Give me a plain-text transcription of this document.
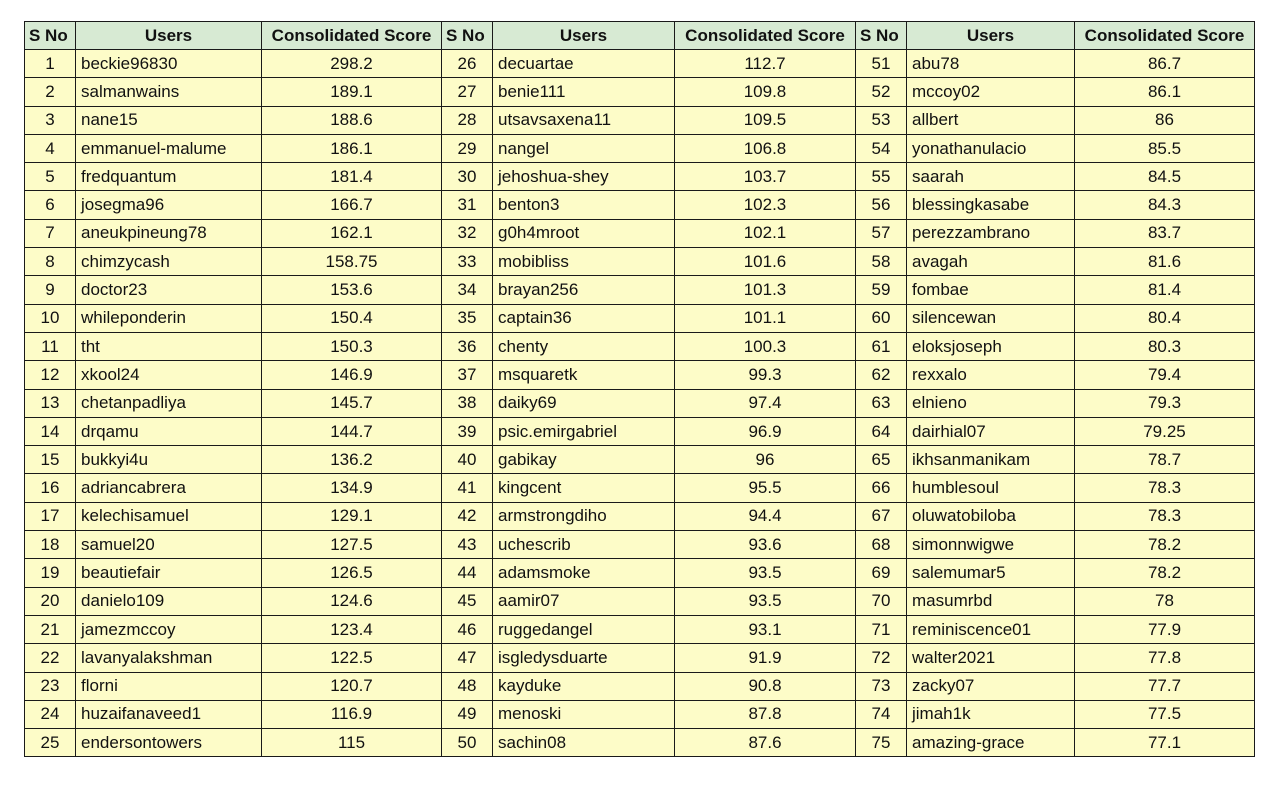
S No	Users	Consolidated Score	S No	Users	Consolidated Score	S No	Users	Consolidated Score
1	beckie96830	298.2	26	decuartae	112.7	51	abu78	86.7
2	salmanwains	189.1	27	benie111	109.8	52	mccoy02	86.1
3	nane15	188.6	28	utsavsaxena11	109.5	53	allbert	86
4	emmanuel-malume	186.1	29	nangel	106.8	54	yonathanulacio	85.5
5	fredquantum	181.4	30	jehoshua-shey	103.7	55	saarah	84.5
6	josegma96	166.7	31	benton3	102.3	56	blessingkasabe	84.3
7	aneukpineung78	162.1	32	g0h4mroot	102.1	57	perezzambrano	83.7
8	chimzycash	158.75	33	mobibliss	101.6	58	avagah	81.6
9	doctor23	153.6	34	brayan256	101.3	59	fombae	81.4
10	whileponderin	150.4	35	captain36	101.1	60	silencewan	80.4
11	tht	150.3	36	chenty	100.3	61	eloksjoseph	80.3
12	xkool24	146.9	37	msquaretk	99.3	62	rexxalo	79.4
13	chetanpadliya	145.7	38	daiky69	97.4	63	elnieno	79.3
14	drqamu	144.7	39	psic.emirgabriel	96.9	64	dairhial07	79.25
15	bukkyi4u	136.2	40	gabikay	96	65	ikhsanmanikam	78.7
16	adriancabrera	134.9	41	kingcent	95.5	66	humblesoul	78.3
17	kelechisamuel	129.1	42	armstrongdiho	94.4	67	oluwatobiloba	78.3
18	samuel20	127.5	43	uchescrib	93.6	68	simonnwigwe	78.2
19	beautiefair	126.5	44	adamsmoke	93.5	69	salemumar5	78.2
20	danielo109	124.6	45	aamir07	93.5	70	masumrbd	78
21	jamezmccoy	123.4	46	ruggedangel	93.1	71	reminiscence01	77.9
22	lavanyalakshman	122.5	47	isgledysduarte	91.9	72	walter2021	77.8
23	florni	120.7	48	kayduke	90.8	73	zacky07	77.7
24	huzaifanaveed1	116.9	49	menoski	87.8	74	jimah1k	77.5
25	endersontowers	115	50	sachin08	87.6	75	amazing-grace	77.1
